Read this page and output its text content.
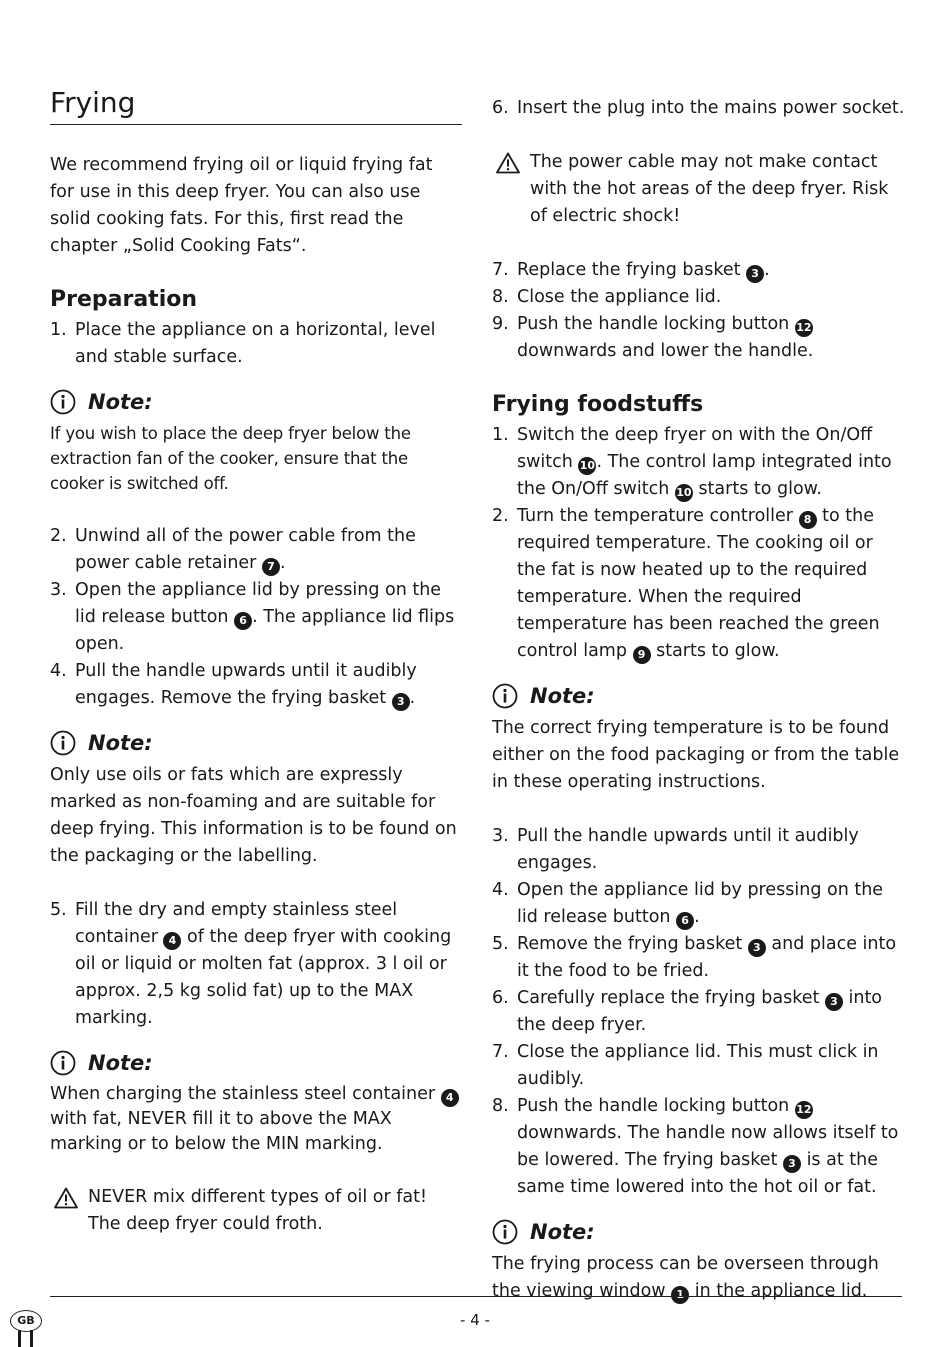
Frying

We recommend frying oil or liquid frying fat for use in this deep fryer. You can also use solid cooking fats. For this, first read the chapter „Solid Cooking Fats“.

Preparation
1. Place the appliance on a horizontal, level and stable surface.
Note:

If you wish to place the deep fryer below the extraction fan of the cooker, ensure that the cooker is switched off.

2. Unwind all of the power cable from the power cable retainer 7 .
3. Open the appliance lid by pressing on the lid release button 6 . The appliance lid flips open.
4. Pull the handle upwards until it audibly engages. Remove the frying basket 3 .
Note:

Only use oils or fats which are expressly marked as non-foaming and are suitable for deep frying. This information is to be found on the packaging or the labelling.

5. Fill the dry and empty stainless steel container 4 of the deep fryer with cooking oil or liquid or molten fat (approx. 3 l oil or approx. 2,5 kg solid fat) up to the MAX marking.
Note:

When charging the stainless steel container 4 with fat, NEVER fill it to above the MAX marking or to below the MIN marking.

NEVER mix different types of oil or fat! The deep fryer could froth.

6. Insert the plug into the mains power socket.

The power cable may not make contact with the hot areas of the deep fryer. Risk of electric shock!

7. Replace the frying basket 3 .
8. Close the appliance lid.
9. Push the handle locking button 12 downwards and lower the handle.
Frying foodstuffs
1. Switch the deep fryer on with the On/Off switch 10. The control lamp integrated into the On/Off switch 10 starts to glow.
2. Turn the temperature controller 8 to the required temperature. The cooking oil or the fat is now heated up to the required temperature. When the required temperature has been reached the green control lamp 9 starts to glow.
Note:

The correct frying temperature is to be found either on the food packaging or from the table in these operating instructions.

3. Pull the handle upwards until it audibly engages.
4. Open the appliance lid by pressing on the lid release button 6 .
5. Remove the frying basket 3 and place into it the food to be fried.
6. Carefully replace the frying basket 3 into the deep fryer.
7. Close the appliance lid. This must click in audibly.
8. Push the handle locking button 12 downwards. The handle now allows itself to be lowered. The frying basket 3 is at the same time lowered into the hot oil or fat.
Note:

The frying process can be overseen through the viewing window 1 in the appliance lid.

- 4 -
GB
